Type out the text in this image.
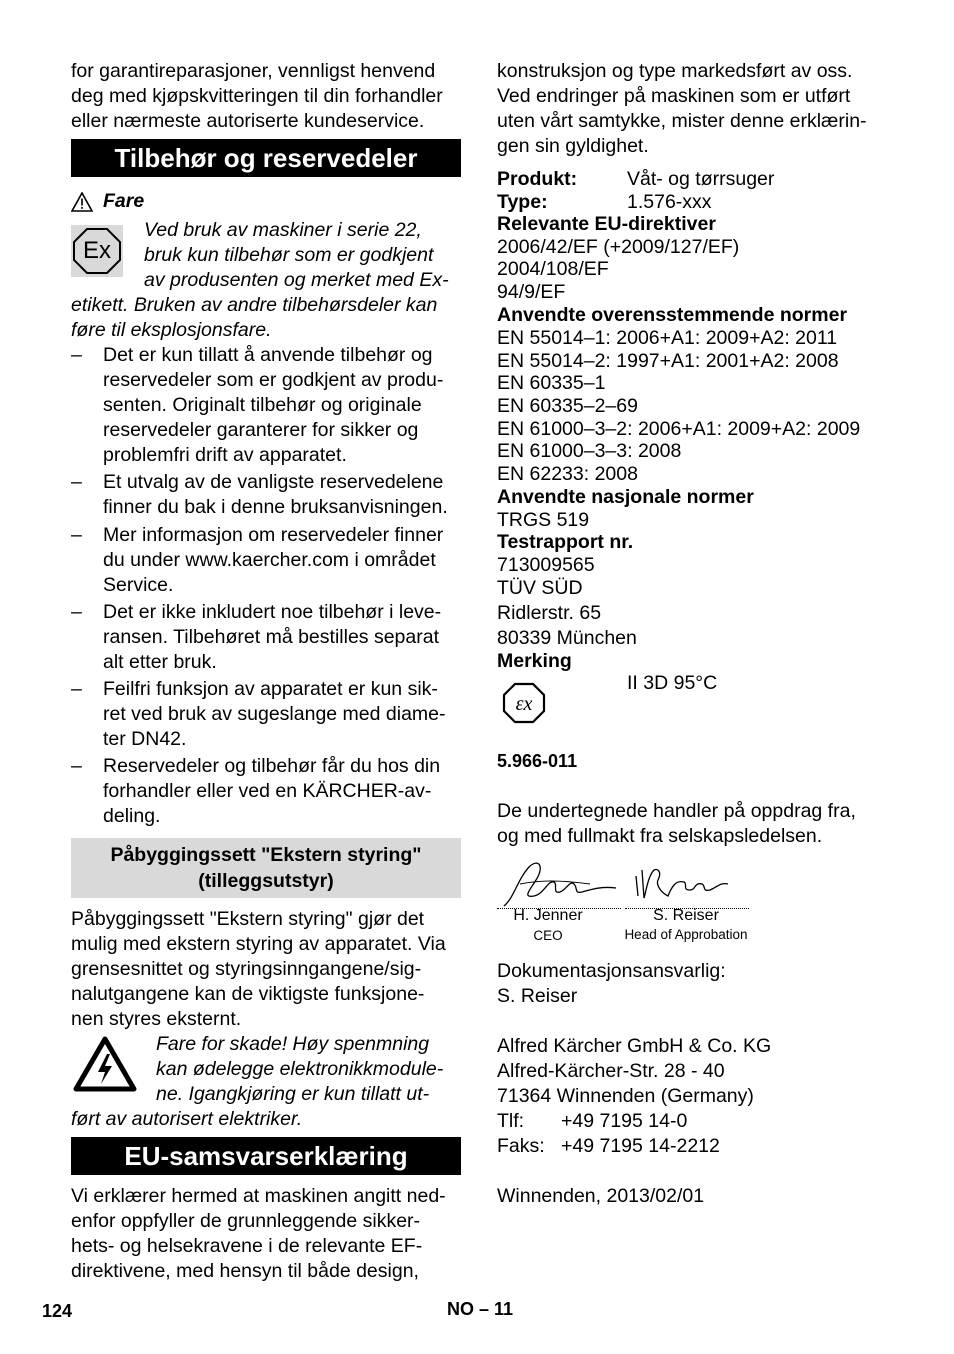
for garantireparasjoner, vennligst henvend

deg med kjøpskvitteringen til din forhandler

eller nærmeste autoriserte kundeservice.

Tilbehør og reservedeler
Fare
Ex

Ved bruk av maskiner i serie 22,

bruk kun tilbehør som er godkjent

av produsenten og merket med Ex-

etikett. Bruken av andre tilbehørsdeler kan

føre til eksplosjonsfare.

– Det er kun tillatt å anvende tilbehør og

reservedeler som er godkjent av produ-

senten. Originalt tilbehør og originale

reservedeler garanterer for sikker og

problemfri drift av apparatet.

– Et utvalg av de vanligste reservedelene

finner du bak i denne bruksanvisningen.

– Mer informasjon om reservedeler finner

du under www.kaercher.com i området

Service.

– Det er ikke inkludert noe tilbehør i leve-

ransen. Tilbehøret må bestilles separat

alt etter bruk.

– Feilfri funksjon av apparatet er kun sik-

ret ved bruk av sugeslange med diame-

ter DN42.

– Reservedeler og tilbehør får du hos din

forhandler eller ved en KÄRCHER-av-

deling.

Påbyggingssett "Ekstern styring"
(tilleggsutstyr)

Påbyggingssett "Ekstern styring" gjør det

mulig med ekstern styring av apparatet. Via

grensesnittet og styringsinngangene/sig-

nalutgangene kan de viktigste funksjone-

nen styres eksternt.

Fare for skade! Høy spenmning

kan ødelegge elektronikkmodule-

ne. Igangkjøring er kun tillatt ut-

ført av autorisert elektriker.

EU-samsvarserklæring

Vi erklærer hermed at maskinen angitt ned-

enfor oppfyller de grunnleggende sikker-

hets- og helsekravene i de relevante EF-

direktivene, med hensyn til både design,

konstruksjon og type markedsført av oss.

Ved endringer på maskinen som er utført

uten vårt samtykke, mister denne erklærin-

gen sin gyldighet.

Produkt:	Våt- og tørrsuger
Type:	1.576-xxx
Relevante EU-direktiver
2006/42/EF (+2009/127/EF)
2004/108/EF
94/9/EF
Anvendte overensstemmende normer
EN 55014–1: 2006+A1: 2009+A2: 2011
EN 55014–2: 1997+A1: 2001+A2: 2008
EN 60335–1
EN 60335–2–69
EN 61000–3–2: 2006+A1: 2009+A2: 2009
EN 61000–3–3: 2008
EN 62233: 2008
Anvendte nasjonale normer
TRGS 519
Testrapport nr.
713009565
TÜV SÜD
Ridlerstr. 65
80339 München
Merking
εx
II 3D 95°C
5.966-011

De undertegnede handler på oppdrag fra,

og med fullmakt fra selskapsledelsen.

H. Jenner
CEO
S. Reiser
Head of Approbation

Dokumentasjonsansvarlig:

S. Reiser

Alfred Kärcher GmbH & Co. KG

Alfred-Kärcher-Str. 28 - 40

71364 Winnenden (Germany)

Tlf: +49 7195 14-0
Faks: +49 7195 14-2212
Winnenden, 2013/02/01
124	NO – 11
